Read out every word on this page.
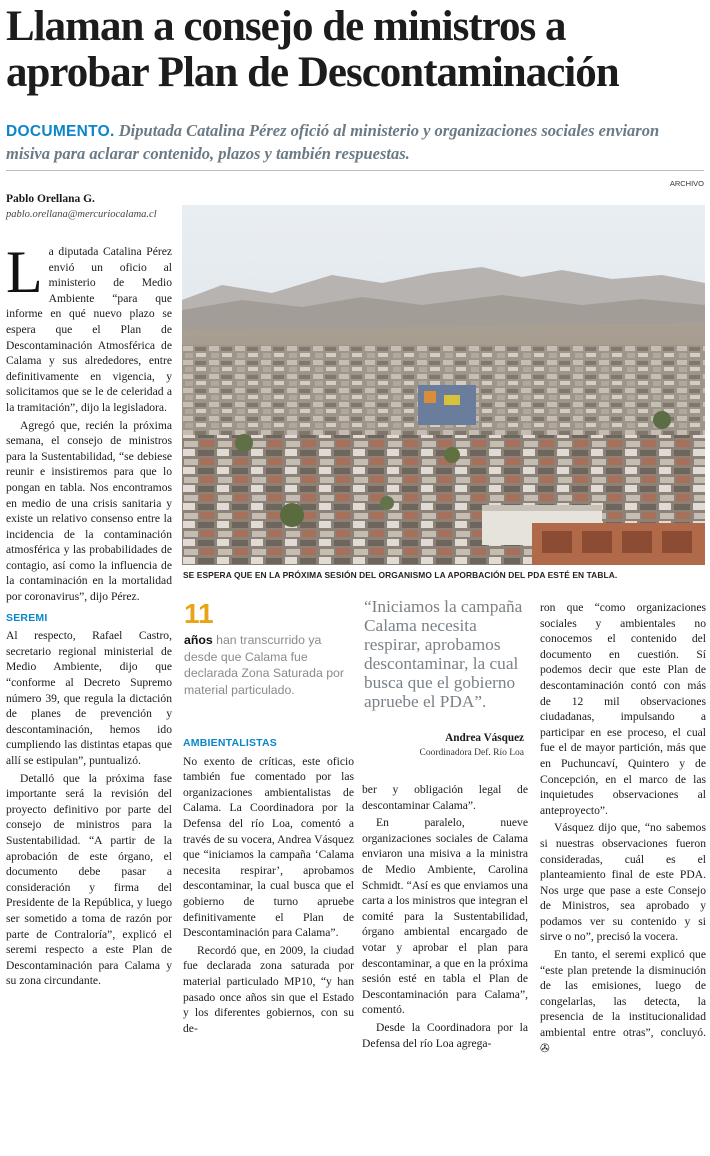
Llaman a consejo de ministros a aprobar Plan de Descontaminación
DOCUMENTO. Diputada Catalina Pérez ofició al ministerio y organizaciones sociales enviaron misiva para aclarar contenido, plazos y también respuestas.
ARCHIVO
Pablo Orellana G.
pablo.orellana@mercuriocalama.cl
SE ESPERA QUE EN LA PRÓXIMA SESIÓN DEL ORGANISMO LA APORBACIÓN DEL PDA ESTÉ EN TABLA.

La diputada Catalina Pérez envió un oficio al ministerio de Medio Ambiente “para que informe en qué nuevo plazo se espera que el Plan de Descontaminación Atmosférica de Calama y sus alrededores, entre definitivamente en vigencia, y solicitamos que se le de celeridad a la tramitación”, dijo la legisladora.

Agregó que, recién la próxima semana, el consejo de ministros para la Sustentabilidad, “se debiese reunir e insistiremos para que lo pongan en tabla. Nos encontramos en medio de una crisis sanitaria y existe un relativo consenso entre la incidencia de la contaminación atmosférica y las probabilidades de contagio, así como la influencia de la contaminación en la mortalidad por coronavirus”, dijo Pérez.

SEREMI

Al respecto, Rafael Castro, secretario regional ministerial de Medio Ambiente, dijo que “conforme al Decreto Supremo número 39, que regula la dictación de planes de prevención y descontaminación, hemos ido cumpliendo las distintas etapas que allí se estipulan”, puntualizó.

Detalló que la próxima fase importante será la revisión del proyecto definitivo por parte del consejo de ministros para la Sustentabilidad. “A partir de la aprobación de este órgano, el documento debe pasar a consideración y firma del Presidente de la República, y luego ser sometido a toma de razón por parte de Contraloría”, explicó el seremi respecto a este Plan de Descontaminación para Calama y su zona circundante.

11
años han transcurrido ya desde que Calama fue declarada Zona Saturada por material particulado.
AMBIENTALISTAS

No exento de críticas, este oficio también fue comentado por las organizaciones ambientalistas de Calama. La Coordinadora por la Defensa del río Loa, comentó a través de su vocera, Andrea Vásquez que “iniciamos la campaña ‘Calama necesita respirar’, aprobamos descontaminar, la cual busca que el gobierno de turno apruebe definitivamente el Plan de Descontaminación para Calama”.

Recordó que, en 2009, la ciudad fue declarada zona saturada por material particulado MP10, “y han pasado once años sin que el Estado y los diferentes gobiernos, con su de-

“Iniciamos la campaña Calama necesita respirar, aprobamos descontaminar, la cual busca que el gobierno apruebe el PDA”.
Andrea Vásquez
Coordinadora Def. Río Loa

ber y obligación legal de descontaminar Calama”.

En paralelo, nueve organizaciones sociales de Calama enviaron una misiva a la ministra de Medio Ambiente, Carolina Schmidt. “Así es que enviamos una carta a los ministros que integran el comité para la Sustentabilidad, órgano ambiental encargado de votar y aprobar el plan para descontaminar, a que en la próxima sesión esté en tabla el Plan de Descontaminación para Calama”, comentó.

Desde la Coordinadora por la Defensa del río Loa agrega-

ron que “como organizaciones sociales y ambientales no conocemos el contenido del documento en cuestión. Sí podemos decir que este Plan de descontaminación contó con más de 12 mil observaciones ciudadanas, impulsando a participar en ese proceso, el cual fue el de mayor partición, más que en Puchuncaví, Quintero y de Concepción, en el marco de las inquietudes observaciones al anteproyecto”.

Vásquez dijo que, “no sabemos si nuestras observaciones fueron consideradas, cuál es el planteamiento final de este PDA. Nos urge que pase a este Consejo de Ministros, sea aprobado y podamos ver su contenido y si sirve o no”, precisó la vocera.

En tanto, el seremi explicó que “este plan pretende la disminución de las emisiones, luego de congelarlas, las detecta, la presencia de la institucionalidad ambiental entre otras”, concluyó. ✇
